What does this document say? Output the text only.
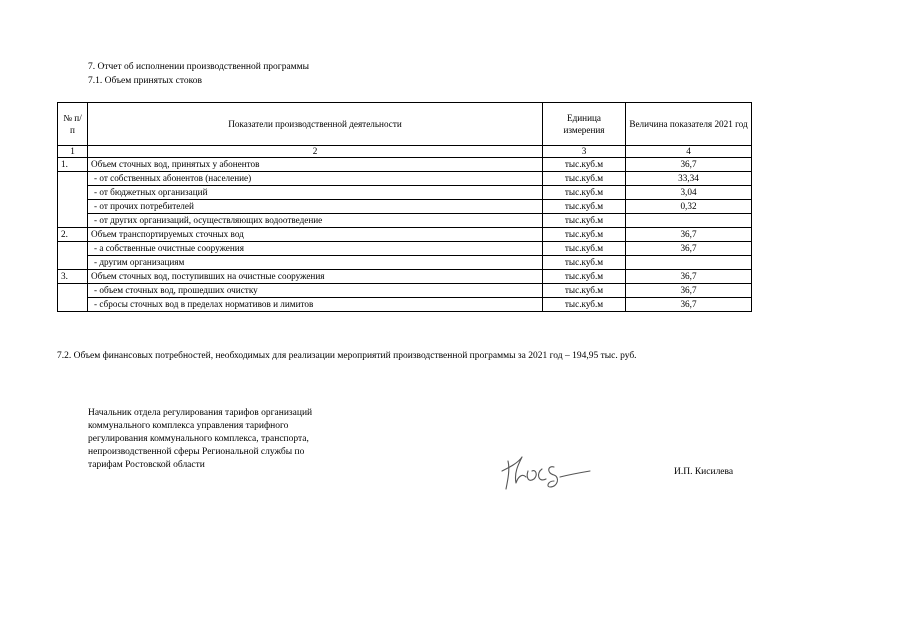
7. Отчет об исполнении производственной программы
7.1. Объем принятых стоков
№ п/п	Показатели производственной деятельности	Единица измерения	Величина показателя 2021 год
1	2	3	4
1.	Объем сточных вод, принятых у абонентов	тыс.куб.м	36,7
	- от собственных абонентов (население)	тыс.куб.м	33,34
	- от бюджетных организаций	тыс.куб.м	3,04
	- от прочих потребителей	тыс.куб.м	0,32
	- от других организаций, осуществляющих водоотведение	тыс.куб.м	
2.	Объем транспортируемых сточных вод	тыс.куб.м	36,7
	- а собственные очистные сооружения	тыс.куб.м	36,7
	- другим организациям	тыс.куб.м	
3.	Объем сточных вод, поступивших на очистные сооружения	тыс.куб.м	36,7
	- объем сточных вод, прошедших очистку	тыс.куб.м	36,7
	- сбросы сточных вод в пределах нормативов и лимитов	тыс.куб.м	36,7
7.2. Объем финансовых потребностей, необходимых для реализации мероприятий производственной программы за 2021 год – 194,95 тыс. руб.
Начальник отдела регулирования тарифов организаций
коммунального комплекса управления тарифного
регулирования коммунального комплекса, транспорта,
непроизводственной сферы Региональной службы по
тарифам Ростовской области
И.П. Кисилева
